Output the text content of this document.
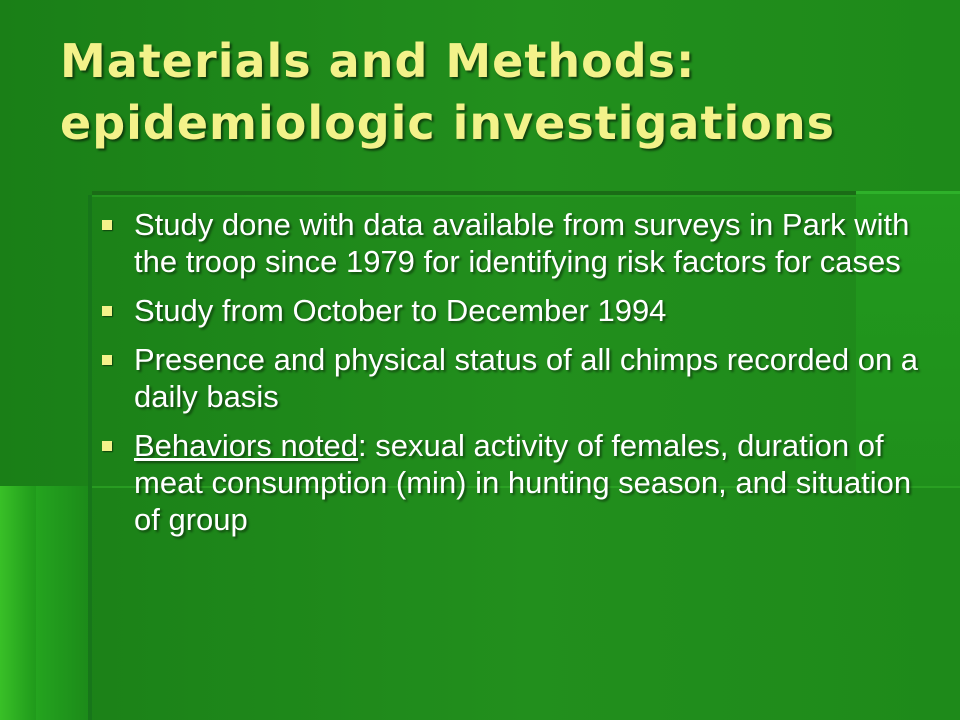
Materials and Methods:
epidemiologic investigations
Study done with data available from surveys in Park with the troop since 1979 for identifying risk factors for cases
Study from October to December 1994
Presence and physical status of all chimps recorded on a daily basis
Behaviors noted: sexual activity of females, duration of meat consumption (min) in hunting season, and situation of group
